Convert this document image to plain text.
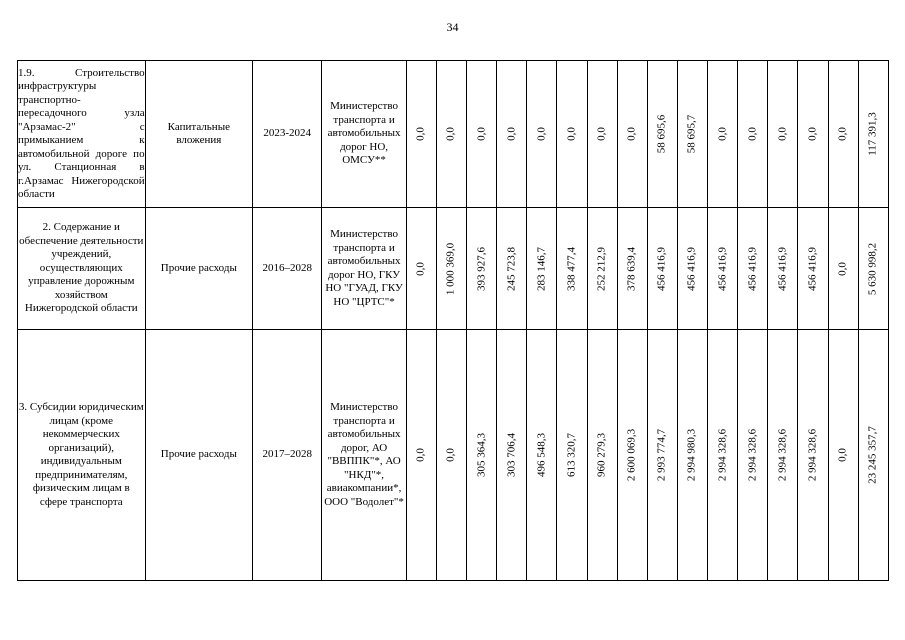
34
1.9. Строительство инфраструктуры транспортно-пересадочного узла "Арзамас-2" с примыканием к автомобильной дороге по ул. Станционная в г.Арзамас Нижегородской области	Капитальные вложения	2023-2024	Министерство транспорта и автомобильных дорог НО, ОМСУ**	0,0	0,0	0,0	0,0	0,0	0,0	0,0	0,0	58 695,6	58 695,7	0,0	0,0	0,0	0,0	0,0	117 391,3

2. Содержание и обеспечение деятельности учреждений, осуществляющих управление дорожным хозяйством Нижегородской области	Прочие расходы	2016–2028	Министерство транспорта и автомобильных дорог НО, ГКУ НО "ГУАД, ГКУ НО "ЦРТС"*	0,0	1 000 369,0	393 927,6	245 723,8	283 146,7	338 477,4	252 212,9	378 639,4	456 416,9	456 416,9	456 416,9	456 416,9	456 416,9	456 416,9	0,0	5 630 998,2

3. Субсидии юридическим лицам (кроме некоммерческих организаций), индивидуальным предпринимателям, физическим лицам в сфере транспорта	Прочие расходы	2017–2028	Министерство транспорта и автомобильных дорог, АО "ВВППК"*, АО "НКД"*, авиакомпании*, ООО "Водолет"*	0,0	0,0	305 364,3	303 706,4	496 548,3	613 320,7	960 279,3	2 600 069,3	2 993 774,7	2 994 980,3	2 994 328,6	2 994 328,6	2 994 328,6	2 994 328,6	0,0	23 245 357,7
